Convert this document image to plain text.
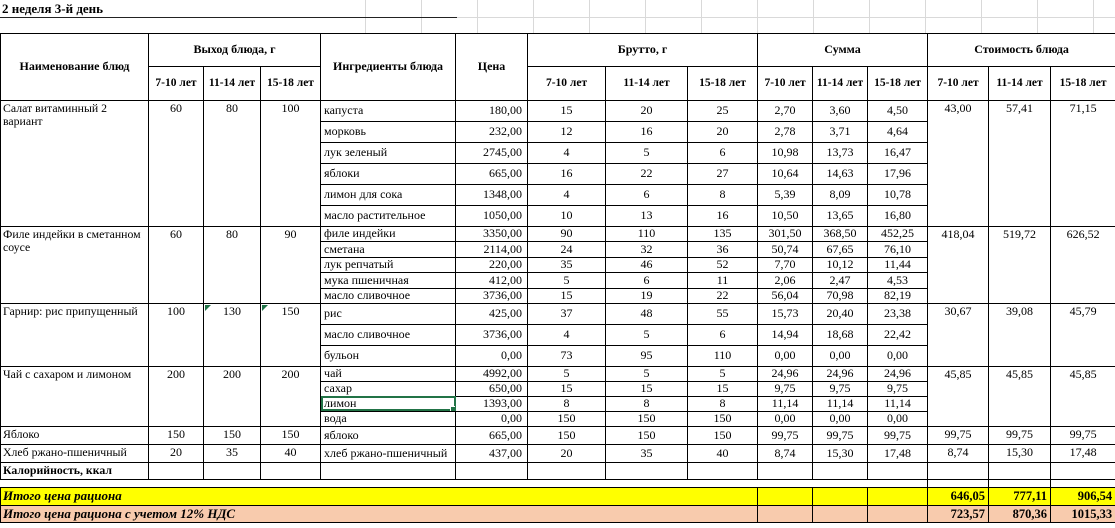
2 неделя 3-й день
Наименование блюд	Выход блюда, г			Ингредиенты блюда	Цена	Брутто, г			Сумма			Стоимость блюда		
	7-10 лет	11-14 лет	15-18 лет			7-10 лет	11-14 лет	15-18 лет	7-10 лет	11-14 лет	15-18 лет	7-10 лет	11-14 лет	15-18 лет
Салат витаминный 2 вариант	60	80	100	капуста	180,00	15	20	25	2,70	3,60	4,50	43,00	57,41	71,15
				морковь	232,00	12	16	20	2,78	3,71	4,64			
				лук зеленый	2745,00	4	5	6	10,98	13,73	16,47			
				яблоки	665,00	16	22	27	10,64	14,63	17,96			
				лимон для сока	1348,00	4	6	8	5,39	8,09	10,78			
				масло растительное	1050,00	10	13	16	10,50	13,65	16,80			
Филе индейки в сметанном соусе	60	80	90	филе индейки	3350,00	90	110	135	301,50	368,50	452,25	418,04	519,72	626,52
				сметана	2114,00	24	32	36	50,74	67,65	76,10			
				лук репчатый	220,00	35	46	52	7,70	10,12	11,44			
				мука пшеничная	412,00	5	6	11	2,06	2,47	4,53			
				масло сливочное	3736,00	15	19	22	56,04	70,98	82,19			
Гарнир: рис припущенный	100	130	150	рис	425,00	37	48	55	15,73	20,40	23,38	30,67	39,08	45,79
				масло сливочное	3736,00	4	5	6	14,94	18,68	22,42			
				бульон	0,00	73	95	110	0,00	0,00	0,00			
Чай с сахаром и лимоном	200	200	200	чай	4992,00	5	5	5	24,96	24,96	24,96	45,85	45,85	45,85
				сахар	650,00	15	15	15	9,75	9,75	9,75			
				лимон	1393,00	8	8	8	11,14	11,14	11,14			
				вода	0,00	150	150	150	0,00	0,00	0,00			
Яблоко	150	150	150	яблоко	665,00	150	150	150	99,75	99,75	99,75	99,75	99,75	99,75
Хлеб ржано-пшеничный	20	35	40	хлеб ржано-пшеничный	437,00	20	35	40	8,74	15,30	17,48	8,74	15,30	17,48
Калорийность, ккал														

Итого цена рациона												646,05	777,11	906,54
Итого цена рациона с учетом 12% НДС												723,57	870,36	1015,33
